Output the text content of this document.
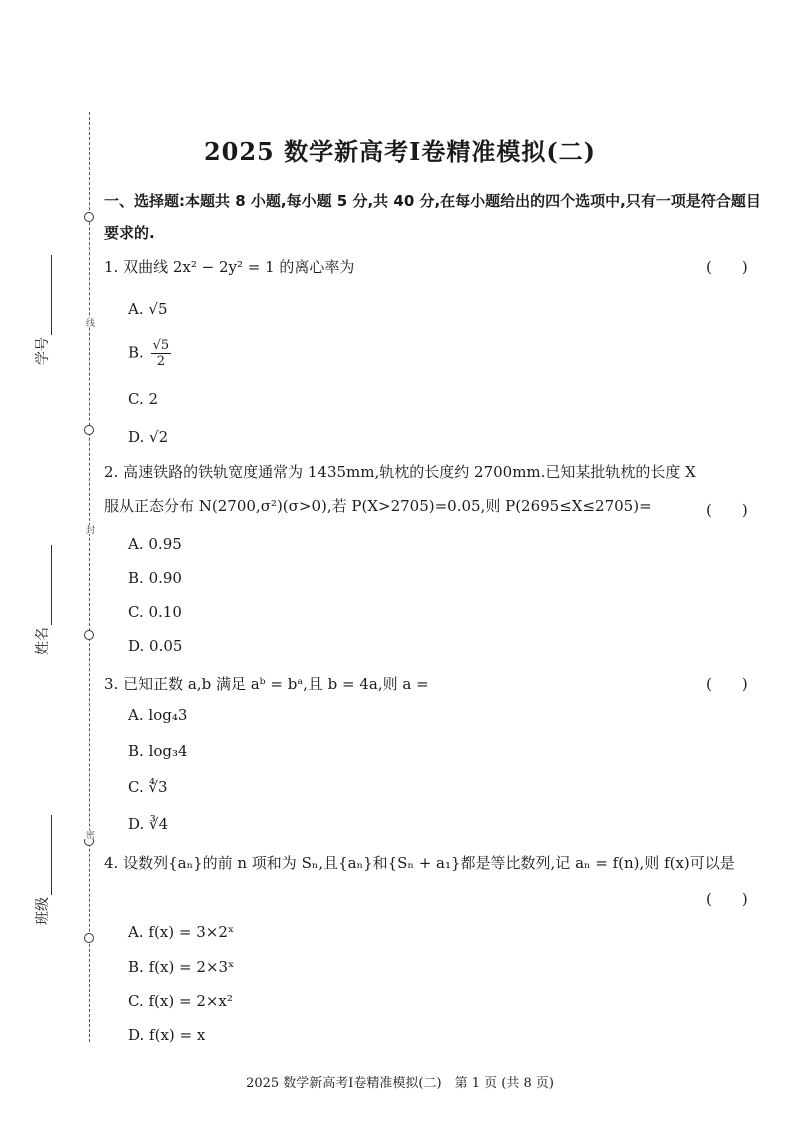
线
封
密
学号
姓名
班级
2025 数学新高考Ⅰ卷精准模拟(二)
一、选择题:本题共 8 小题,每小题 5 分,共 40 分,在每小题给出的四个选项中,只有一项是符合题目要求的.
1. 双曲线 2x² − 2y² = 1 的离心率为	(　　)
A. √5
B. $\frac{√5}{2}$
C. 2
D. √2
2. 高速铁路的铁轨宽度通常为 1435mm,轨枕的长度约 2700mm.已知某批轨枕的长度 X 服从正态分布 N(2700,σ²)(σ>0),若 P(X>2705)=0.05,则 P(2695≤X≤2705)=	(　　)
A. 0.95
B. 0.90
C. 0.10
D. 0.05
3. 已知正数 a,b 满足 aᵇ = bᵃ,且 b = 4a,则 a =	(　　)
A. log₄3
B. log₃4
C. ∜3
D. ∛4
4. 设数列{aₙ}的前 n 项和为 Sₙ,且{aₙ}和{Sₙ + a₁}都是等比数列,记 aₙ = f(n),则 f(x)可以是
(　　)
A. f(x) = 3×2ˣ
B. f(x) = 2×3ˣ
C. f(x) = 2×x²
D. f(x) = x
2025 数学新高考Ⅰ卷精准模拟(二)　第 1 页 (共 8 页)
